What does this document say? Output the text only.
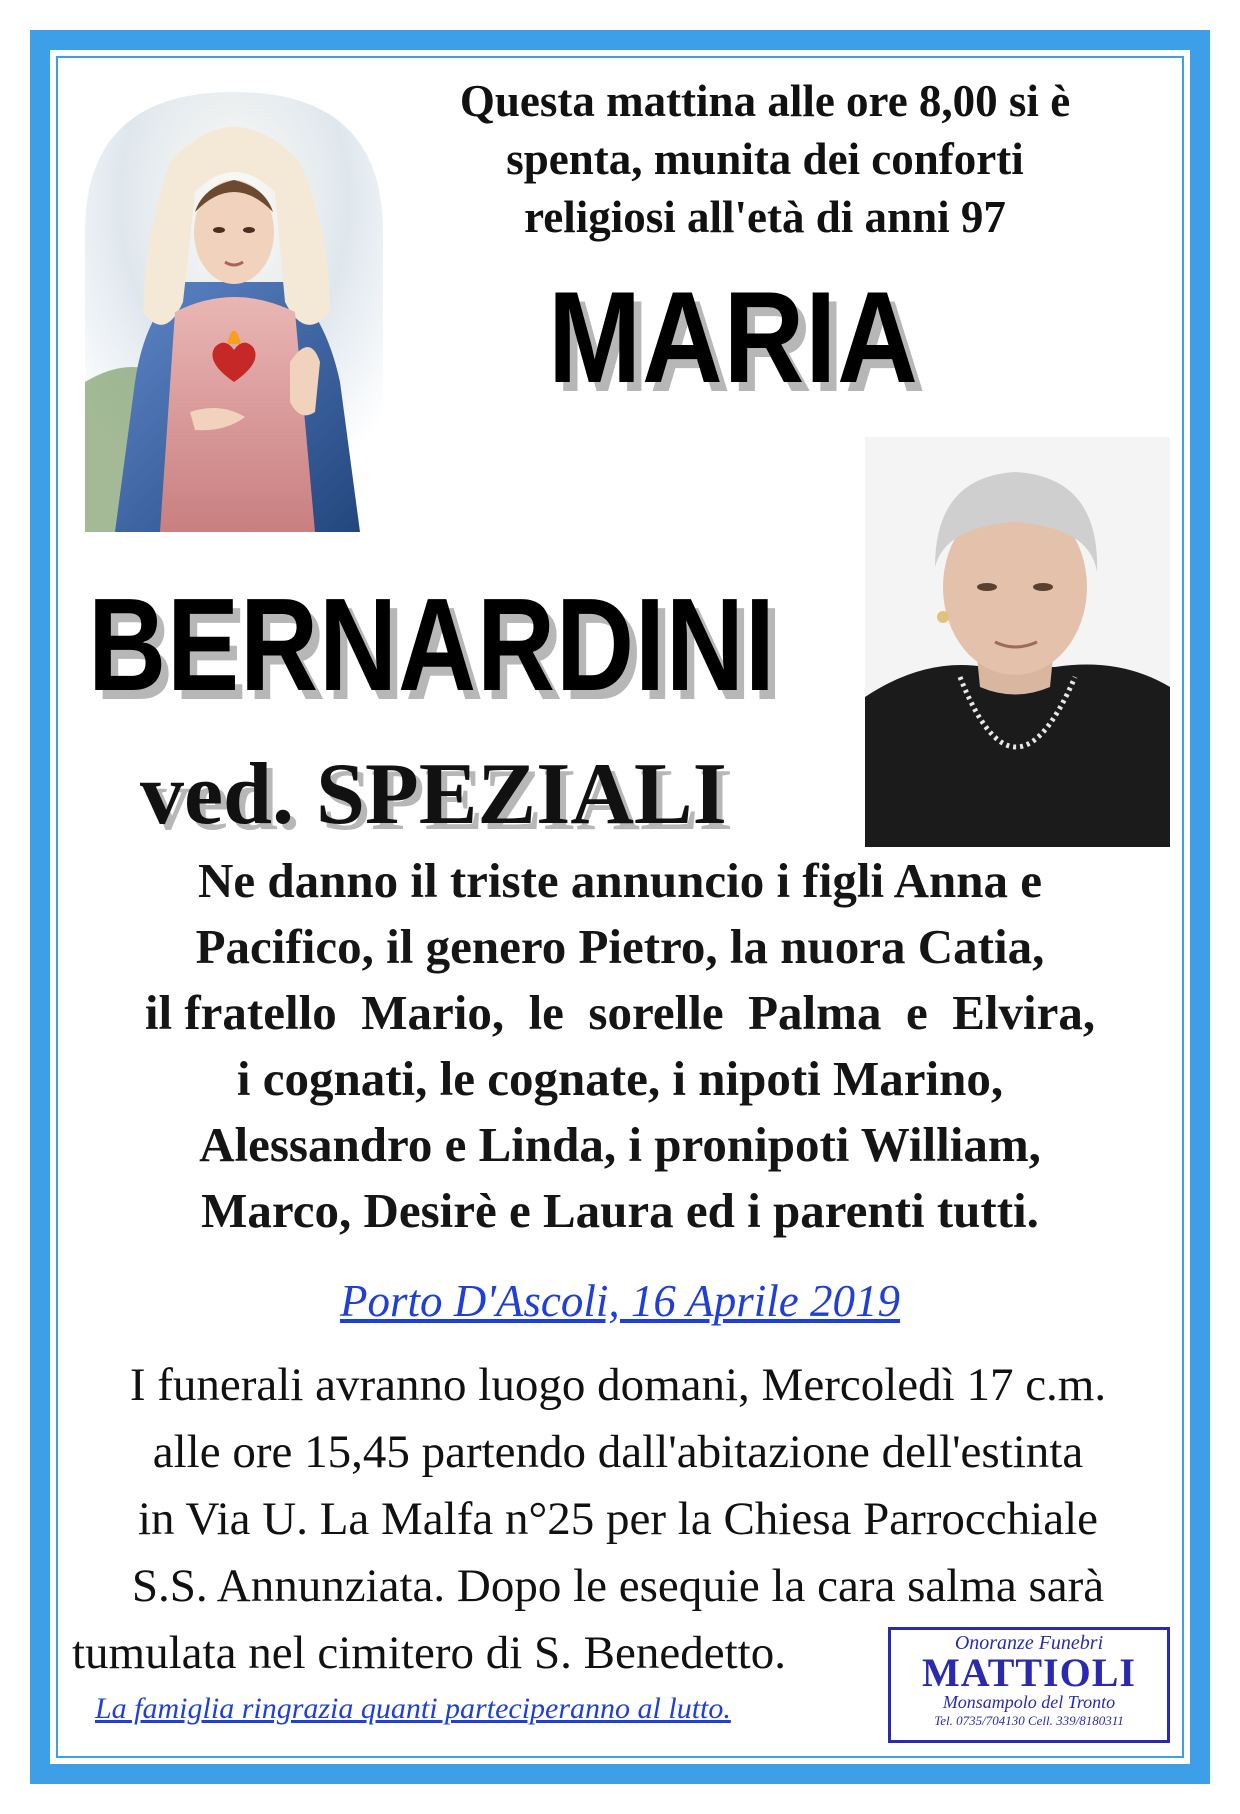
Questa mattina alle ore 8,00 si è
spenta, munita dei conforti
religiosi all'età di anni 97
MARIA
BERNARDINI
ved. SPEZIALI
Ne danno il triste annuncio i figli Anna e
Pacifico, il genero Pietro, la nuora Catia,
il fratello  Mario,  le  sorelle  Palma  e  Elvira,
i cognati, le cognate, i nipoti Marino,
Alessandro e Linda, i pronipoti William,
Marco, Desirè e Laura ed i parenti tutti.
Porto D'Ascoli, 16 Aprile 2019
I funerali avranno luogo domani, Mercoledì 17 c.m.
alle ore 15,45 partendo dall'abitazione dell'estinta
in Via U. La Malfa n°25 per la Chiesa Parrocchiale
S.S. Annunziata. Dopo le esequie la cara salma sarà
tumulata nel cimitero di S. Benedetto.
La famiglia ringrazia quanti parteciperanno al lutto.
Onoranze Funebri
MATTIOLI
Monsampolo del Tronto
Tel. 0735/704130 Cell. 339/8180311
